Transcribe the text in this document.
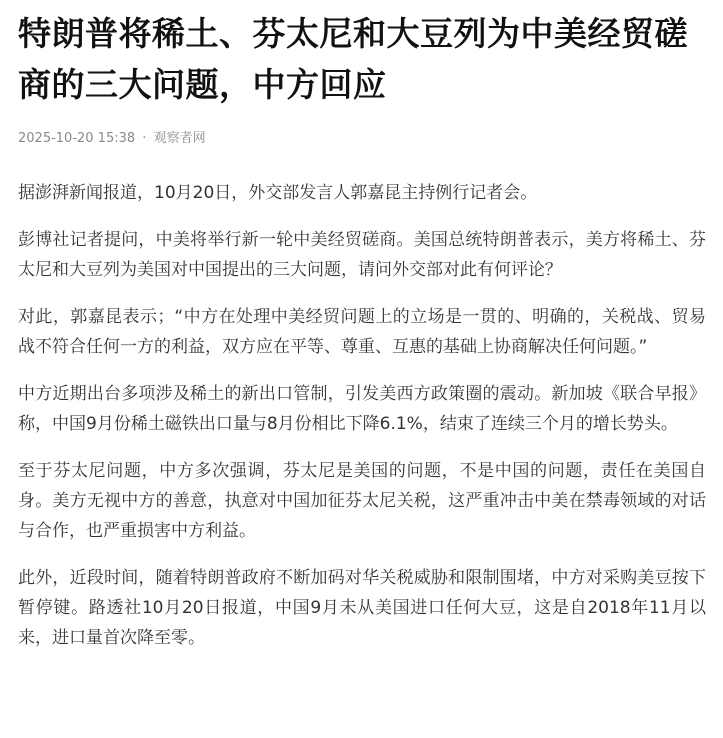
特朗普将稀土、芬太尼和大豆列为中美经贸磋商的三大问题，中方回应
2025-10-20 15:38 · 观察者网

据澎湃新闻报道，10月20日，外交部发言人郭嘉昆主持例行记者会。

彭博社记者提问，中美将举行新一轮中美经贸磋商。美国总统特朗普表示，美方将稀土、芬太尼和大豆列为美国对中国提出的三大问题，请问外交部对此有何评论？

对此，郭嘉昆表示；“中方在处理中美经贸问题上的立场是一贯的、明确的，关税战、贸易战不符合任何一方的利益，双方应在平等、尊重、互惠的基础上协商解决任何问题。”

中方近期出台多项涉及稀土的新出口管制，引发美西方政策圈的震动。新加坡《联合早报》称，中国9月份稀土磁铁出口量与8月份相比下降6.1%，结束了连续三个月的增长势头。

至于芬太尼问题，中方多次强调，芬太尼是美国的问题，不是中国的问题，责任在美国自身。美方无视中方的善意，执意对中国加征芬太尼关税，这严重冲击中美在禁毒领域的对话与合作，也严重损害中方利益。

此外，近段时间，随着特朗普政府不断加码对华关税威胁和限制围堵，中方对采购美豆按下暂停键。路透社10月20日报道，中国9月未从美国进口任何大豆，这是自2018年11月以来，进口量首次降至零。
